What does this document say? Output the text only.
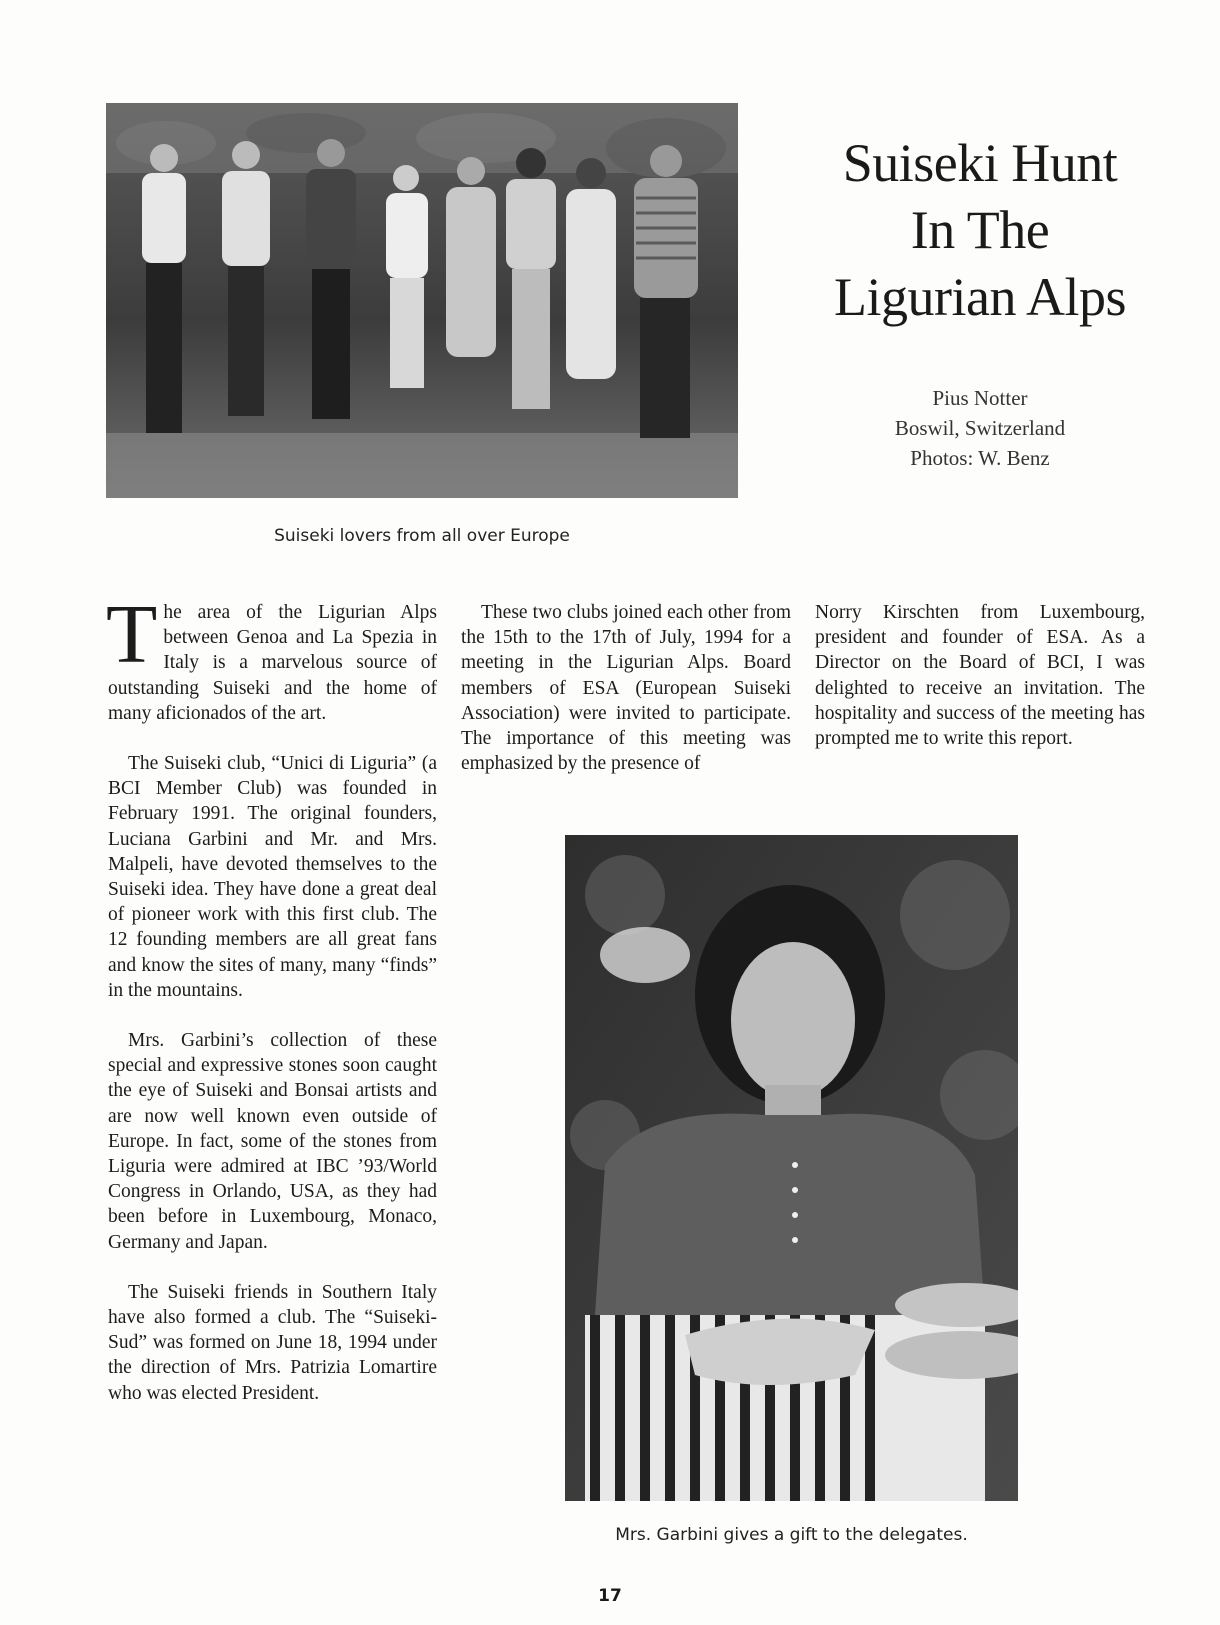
Suiseki lovers from all over Europe
Suiseki Hunt
In The
Ligurian Alps
Pius Notter
Boswil, Switzerland
Photos: W. Benz

The area of the Ligurian Alps between Genoa and La Spezia in Italy is a marvelous source of outstanding Suiseki and the home of many aficionados of the art.

The Suiseki club, “Unici di Liguria” (a BCI Member Club) was founded in February 1991. The original founders, Luciana Garbini and Mr. and Mrs. Malpeli, have devoted themselves to the Suiseki idea. They have done a great deal of pioneer work with this first club. The 12 founding members are all great fans and know the sites of many, many “finds” in the mountains.

Mrs. Garbini’s collection of these special and expressive stones soon caught the eye of Suiseki and Bonsai artists and are now well known even outside of Europe. In fact, some of the stones from Liguria were admired at IBC ’93/World Congress in Orlando, USA, as they had been before in Luxembourg, Monaco, Germany and Japan.

The Suiseki friends in Southern Italy have also formed a club. The “Suiseki-Sud” was formed on June 18, 1994 under the direction of Mrs. Patrizia Lomartire who was elected President.

These two clubs joined each other from the 15th to the 17th of July, 1994 for a meeting in the Ligurian Alps. Board members of ESA (European Suiseki Association) were invited to participate. The importance of this meeting was emphasized by the presence of

Norry Kirschten from Luxembourg, president and founder of ESA. As a Director on the Board of BCI, I was delighted to receive an invitation. The hospitality and success of the meeting has prompted me to write this report.

Mrs. Garbini gives a gift to the delegates.
17
